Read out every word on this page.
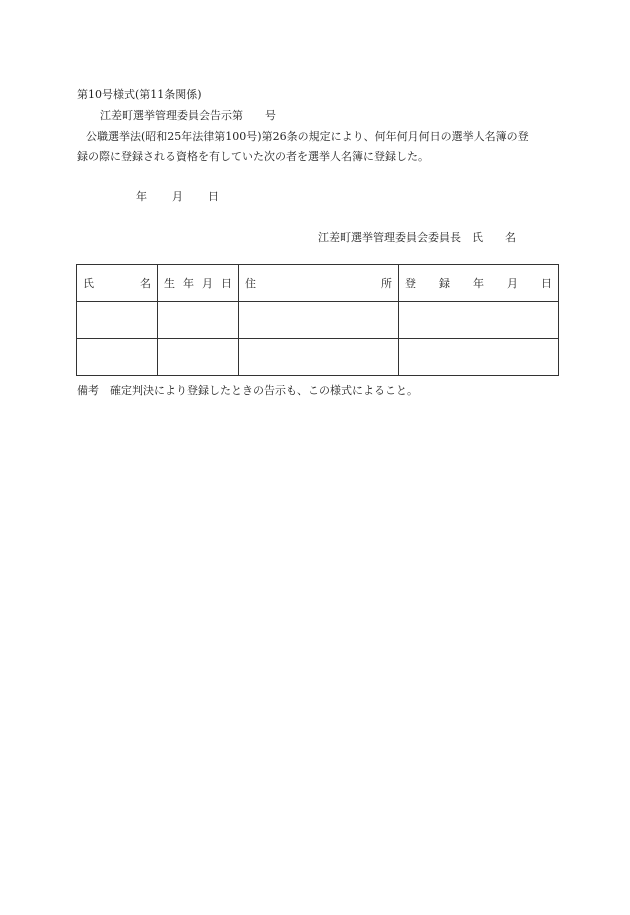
第10号様式(第11条関係)
江差町選挙管理委員会告示第　　号
公職選挙法(昭和25年法律第100号)第26条の規定により、何年何月何日の選挙人名簿の登
録の際に登録される資格を有していた次の者を選挙人名簿に登録した。
年　　月　　日
江差町選挙管理委員会委員長　氏　　名
氏　　名	生 年 月 日	住　　　　所	登　録　年　月　日

備考　確定判決により登録したときの告示も、この様式によること。
